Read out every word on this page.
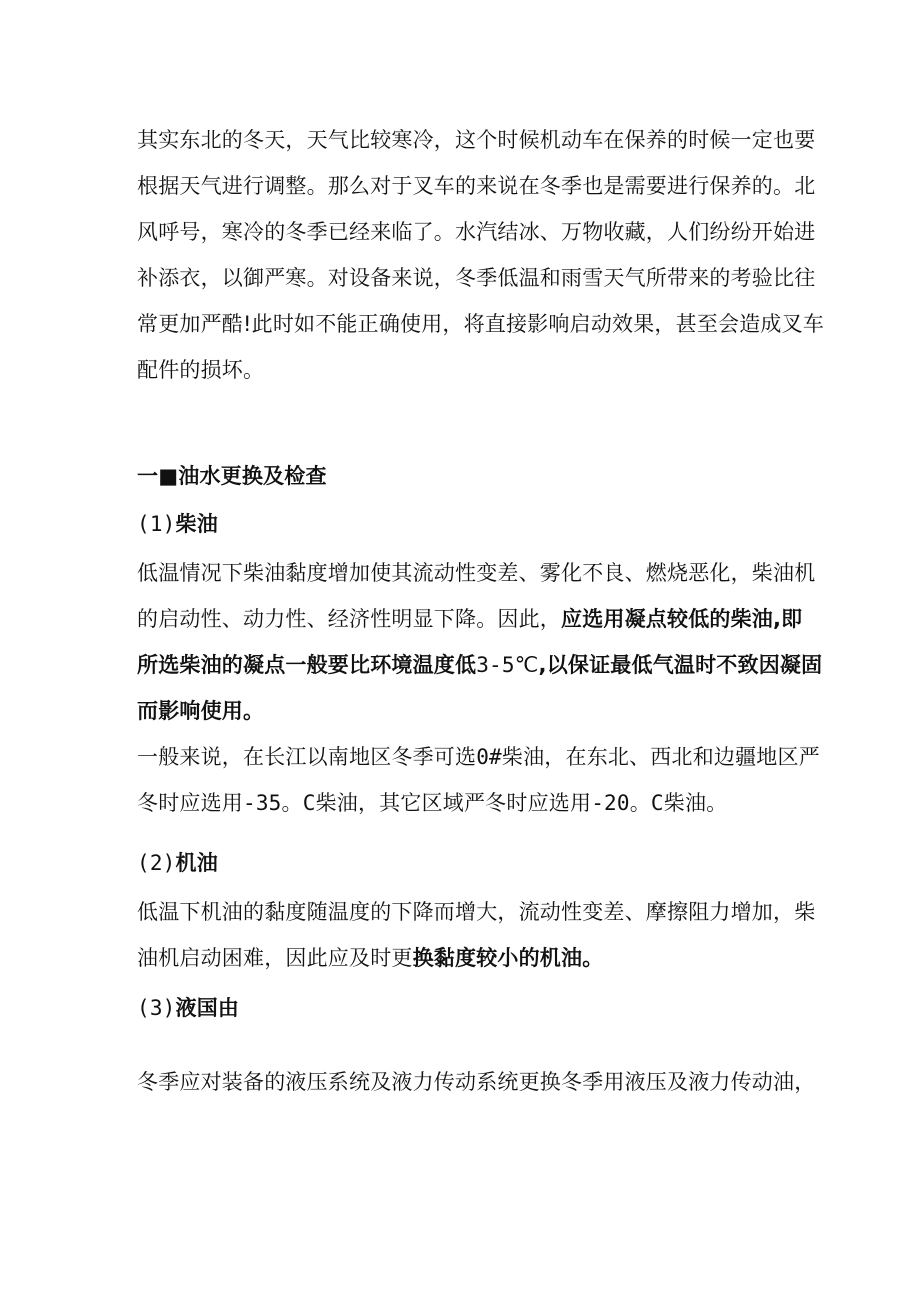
其实东北的冬天，天气比较寒冷，这个时候机动车在保养的时候一定也要
根据天气进行调整。那么对于叉车的来说在冬季也是需要进行保养的。北
风呼号，寒冷的冬季已经来临了。水汽结冰、万物收藏，人们纷纷开始进
补添衣，以御严寒。对设备来说，冬季低温和雨雪天气所带来的考验比往
常更加严酷!此时如不能正确使用，将直接影响启动效果，甚至会造成叉车
配件的损坏。
一■油水更换及检查
(1)柴油
低温情况下柴油黏度增加使其流动性变差、雾化不良、燃烧恶化，柴油机
的启动性、动力性、经济性明显下降。因此，应选用凝点较低的柴油,即
所选柴油的凝点一般要比环境温度低3-5℃,以保证最低气温时不致因凝固
而影响使用。
一般来说，在长江以南地区冬季可选0#柴油，在东北、西北和边疆地区严
冬时应选用-35。C柴油，其它区域严冬时应选用-20。C柴油。
(2)机油
低温下机油的黏度随温度的下降而增大，流动性变差、摩擦阻力增加，柴
油机启动困难，因此应及时更换黏度较小的机油。
(3)液国由
冬季应对装备的液压系统及液力传动系统更换冬季用液压及液力传动油，
